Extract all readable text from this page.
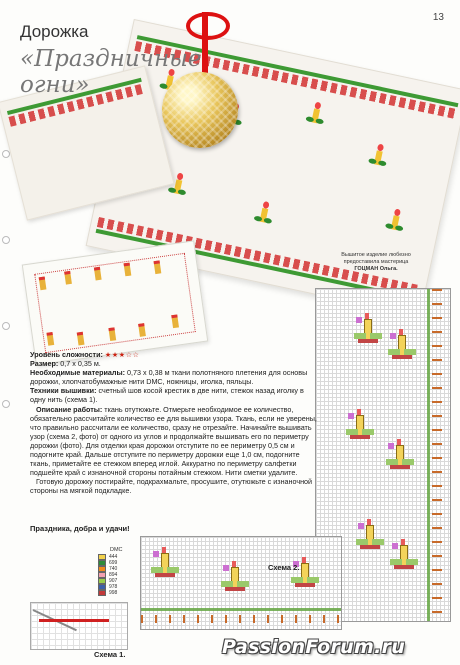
13
Дорожка
«Праздничные огни»
Вышитое изделие любезно
предоставила мастерица
ГОЦМАН Ольга.
Схема 2.
DMC
444
699
740
894
907
978
998
Схема 1.

Уровень сложности: ★★★☆☆

Размер: 0,7 х 0,35 м.

Необходимые материалы: 0,73 х 0,38 м ткани полотняного плетения для основы дорожки, хлопчатобумажные нити DMC, ножницы, иголка, пяльцы.

Техники вышивки: счетный шов косой крестик в две нити, стежок назад иголку в одну нить (схема 1).

Описание работы: ткань отутюжьте. Отмерьте необходимое ее количество, обязательно рассчитайте количество ее для вышивки узора. Ткань, если не уверены, что правильно рассчитали ее количество, сразу не отрезайте. Начинайте вышивать узор (схема 2, фото) от одного из углов и продолжайте вышивать его по периметру дорожки (фото). Для отделки края дорожки отступите по ее периметру 0,5 см и подогните край. Дальше отступите по периметру дорожки еще 1,0 см, подогните ткань, приметайте ее стежком вперед иглой. Аккуратно по периметру салфетки подшейте край с изнаночной стороны потайным стежком. Нити сметки удалите.

Готовую дорожку постирайте, подкрахмальте, просушите, отутюжьте с изнаночной стороны на мягкой подкладке.

Праздника, добра и удачи!
PassionForum.ru
